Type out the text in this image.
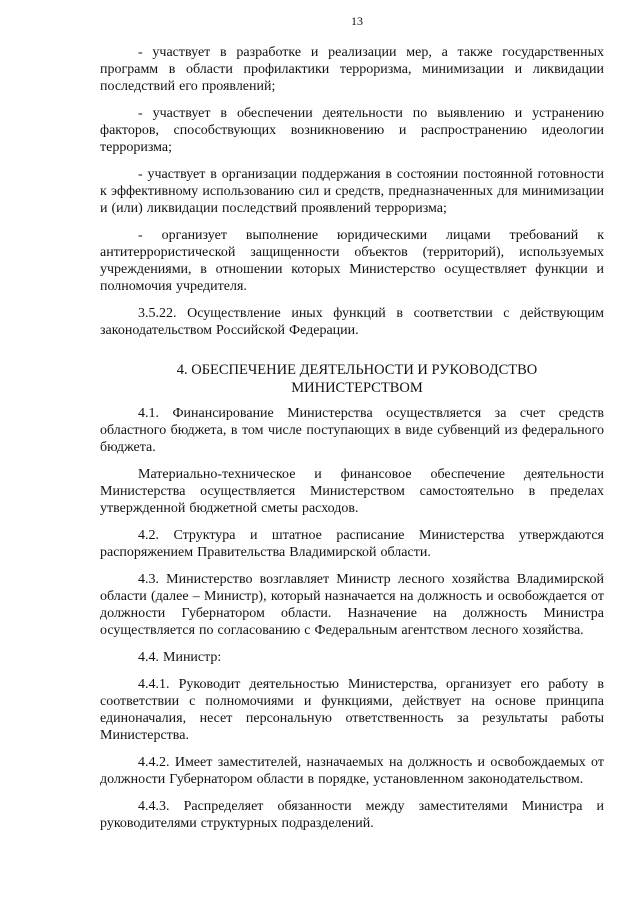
13

- участвует в разработке и реализации мер, а также государственных программ в области профилактики терроризма, минимизации и ликвидации последствий его проявлений;

- участвует в обеспечении деятельности по выявлению и устранению факторов, способствующих возникновению и распространению идеологии терроризма;

- участвует в организации поддержания в состоянии постоянной готовности к эффективному использованию сил и средств, предназначенных для минимизации и (или) ликвидации последствий проявлений терроризма;

- организует выполнение юридическими лицами требований к антитеррористической защищенности объектов (территорий), используемых учреждениями, в отношении которых Министерство осуществляет функции и полномочия учредителя.

3.5.22. Осуществление иных функций в соответствии с действующим законодательством Российской Федерации.

4. ОБЕСПЕЧЕНИЕ ДЕЯТЕЛЬНОСТИ И РУКОВОДСТВО
МИНИСТЕРСТВОМ

4.1. Финансирование Министерства осуществляется за счет средств областного бюджета, в том числе поступающих в виде субвенций из федерального бюджета.

Материально-техническое и финансовое обеспечение деятельности Министерства осуществляется Министерством самостоятельно в пределах утвержденной бюджетной сметы расходов.

4.2. Структура и штатное расписание Министерства утверждаются распоряжением Правительства Владимирской области.

4.3. Министерство возглавляет Министр лесного хозяйства Владимирской области (далее – Министр), который назначается на должность и освобождается от должности Губернатором области. Назначение на должность Министра осуществляется по согласованию с Федеральным агентством лесного хозяйства.

4.4. Министр:

4.4.1. Руководит деятельностью Министерства, организует его работу в соответствии с полномочиями и функциями, действует на основе принципа единоначалия, несет персональную ответственность за результаты работы Министерства.

4.4.2. Имеет заместителей, назначаемых на должность и освобождаемых от должности Губернатором области в порядке, установленном законодательством.

4.4.3. Распределяет обязанности между заместителями Министра и руководителями структурных подразделений.
